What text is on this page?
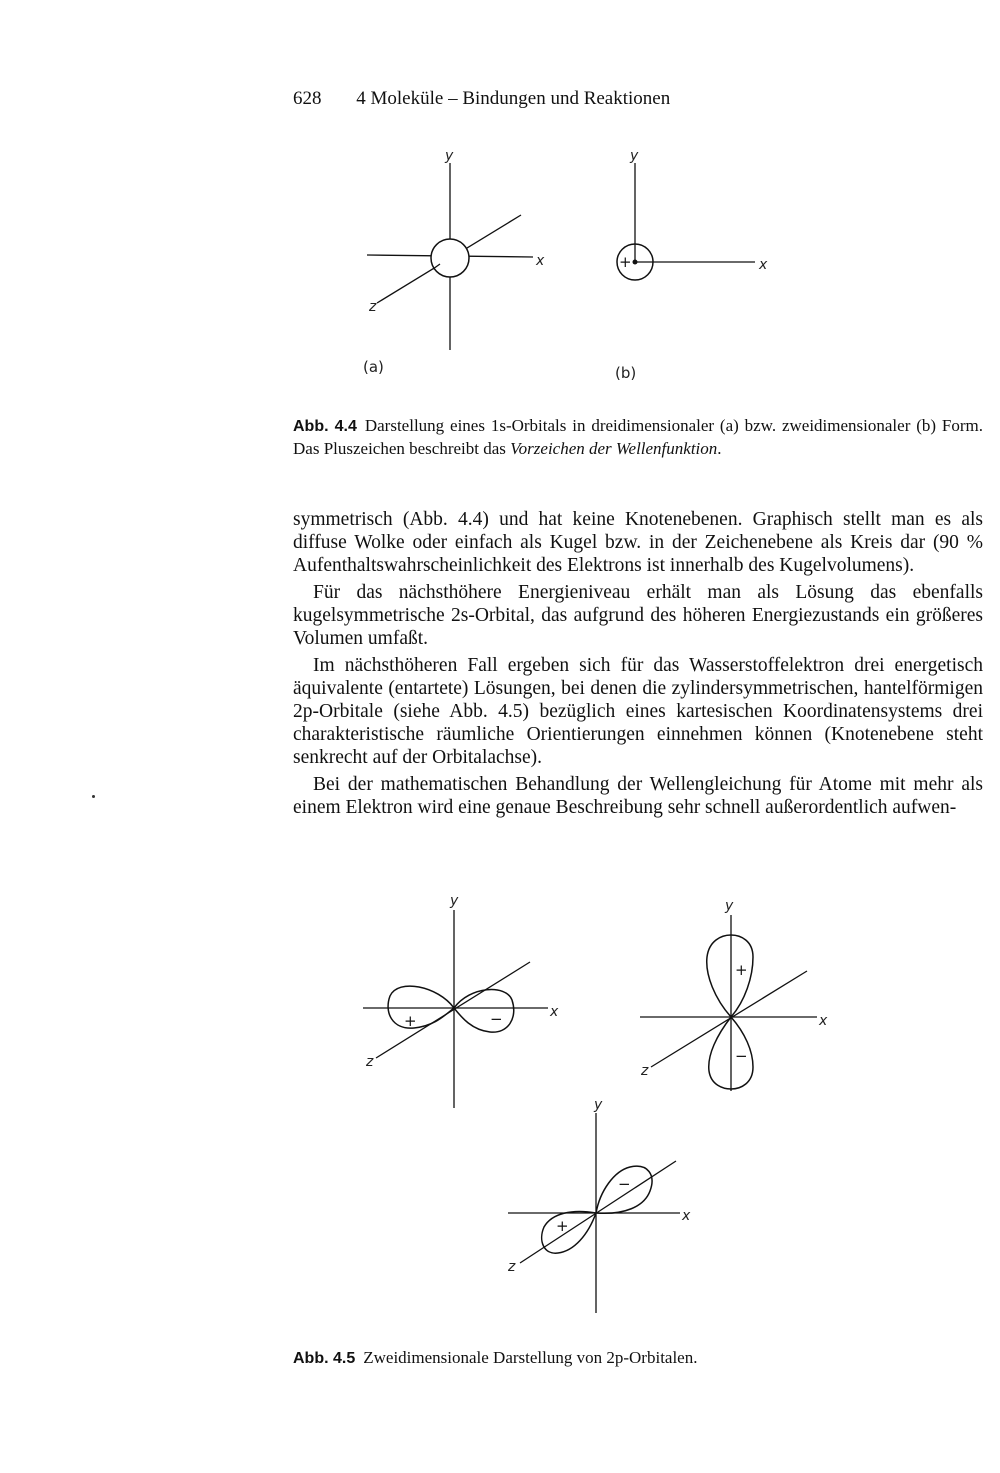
628 4 Moleküle – Bindungen und Reaktionen
y
x
z
(a)
+
y
x
(b)
Abb. 4.4 Darstellung eines 1s-Orbitals in dreidimensionaler (a) bzw. zweidimensionaler (b) Form. Das Pluszeichen beschreibt das Vorzeichen der Wellenfunktion.

symmetrisch (Abb. 4.4) und hat keine Knotenebenen. Graphisch stellt man es als diffuse Wolke oder einfach als Kugel bzw. in der Zeichenebene als Kreis dar (90 % Aufenthaltswahrscheinlichkeit des Elektrons ist innerhalb des Kugelvolumens).

Für das nächsthöhere Energieniveau erhält man als Lösung das ebenfalls kugelsymmetrische 2s-Orbital, das aufgrund des höheren Energiezustands ein größeres Volumen umfaßt.

Im nächsthöheren Fall ergeben sich für das Wasserstoffelektron drei energetisch äquivalente (entartete) Lösungen, bei denen die zylindersymmetrischen, hantelförmigen 2p-Orbitale (siehe Abb. 4.5) bezüglich eines kartesischen Koordinatensystems drei charakteristische räumliche Orientierungen einnehmen können (Knotenebene steht senkrecht auf der Orbitalachse).

Bei der mathematischen Behandlung der Wellengleichung für Atome mit mehr als einem Elektron wird eine genaue Beschreibung sehr schnell außerordentlich aufwen-

+	−
y
x
z
+
−
y
x
z
+
−
y
x
z
Abb. 4.5 Zweidimensionale Darstellung von 2p-Orbitalen.
